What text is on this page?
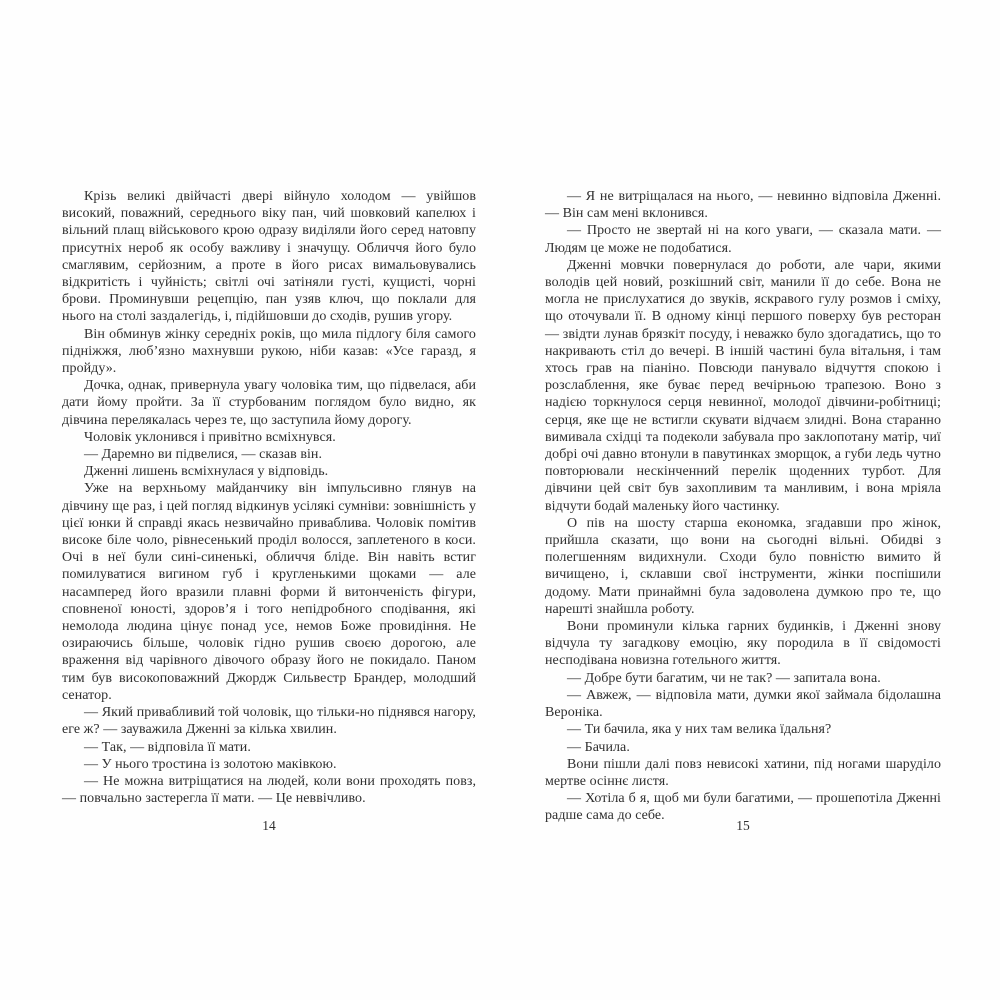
Крізь великі двійчасті двері війнуло холодом — увійшов високий, поважний, середнього віку пан, чий шовковий капелюх і вільний плащ військового крою одразу виділяли його серед натовпу присутніх нероб як особу важливу і значущу. Обличчя його було смаглявим, серйозним, а проте в його рисах вимальовувались відкритість і чуйність; світлі очі затіняли густі, кущисті, чорні брови. Проминувши рецепцію, пан узяв ключ, що поклали для нього на столі заздалегідь, і, підійшовши до сходів, рушив угору.
Він обминув жінку середніх років, що мила підлогу біля самого підніжжя, люб’язно махнувши рукою, ніби казав: «Усе гаразд, я пройду».
Дочка, однак, привернула увагу чоловіка тим, що підвелася, аби дати йому пройти. За її стурбованим поглядом було видно, як дівчина перелякалась через те, що заступила йому дорогу.
Чоловік уклонився і привітно всміхнувся.
— Даремно ви підвелися, — сказав він.
Дженні лишень всміхнулася у відповідь.
Уже на верхньому майданчику він імпульсивно глянув на дівчину ще раз, і цей погляд відкинув усілякі сумніви: зовнішність у цієї юнки й справді якась незвичайно приваблива. Чоловік помітив високе біле чоло, рівнесенький проділ волосся, заплетеного в коси. Очі в неї були сині-синенькі, обличчя бліде. Він навіть встиг помилуватися вигином губ і кругленькими щоками — але насамперед його вразили плавні форми й витонченість фігури, сповненої юності, здоров’я і того непідробного сподівання, які немолода людина цінує понад усе, немов Боже провидіння. Не озираючись більше, чоловік гідно рушив своєю дорогою, але враження від чарівного дівочого образу його не покидало. Паном тим був високоповажний Джордж Сильвестр Брандер, молодший сенатор.
— Який привабливий той чоловік, що тільки-но піднявся нагору, еге ж? — зауважила Дженні за кілька хвилин.
— Так, — відповіла її мати.
— У нього тростина із золотою маківкою.
— Не можна витріщатися на людей, коли вони проходять повз, — повчально застерегла її мати. — Це неввічливо.
— Я не витріщалася на нього, — невинно відповіла Дженні. — Він сам мені вклонився.
— Просто не звертай ні на кого уваги, — сказала мати. — Людям це може не подобатися.
Дженні мовчки повернулася до роботи, але чари, якими володів цей новий, розкішний світ, манили її до себе. Вона не могла не прислухатися до звуків, яскравого гулу розмов і сміху, що оточували її. В одному кінці першого поверху був ресторан — звідти лунав брязкіт посуду, і неважко було здогадатись, що то накривають стіл до вечері. В іншій частині була вітальня, і там хтось грав на піаніно. Повсюди панувало відчуття спокою і розслаблення, яке буває перед вечірньою трапезою. Воно з надією торкнулося серця невинної, молодої дівчини-робітниці; серця, яке ще не встигли скувати відчаєм злидні. Вона старанно вимивала східці та подеколи забувала про заклопотану матір, чиї добрі очі давно втонули в павутинках зморщок, а губи ледь чутно повторювали нескінченний перелік щоденних турбот. Для дівчини цей світ був захопливим та манливим, і вона мріяла відчути бодай маленьку його частинку.
О пів на шосту старша економка, згадавши про жінок, прийшла сказати, що вони на сьогодні вільні. Обидві з полегшенням видихнули. Сходи було повністю вимито й вичищено, і, склавши свої інструменти, жінки поспішили додому. Мати принаймні була задоволена думкою про те, що нарешті знайшла роботу.
Вони проминули кілька гарних будинків, і Дженні знову відчула ту загадкову емоцію, яку породила в її свідомості несподівана новизна готельного життя.
— Добре бути багатим, чи не так? — запитала вона.
— Авжеж, — відповіла мати, думки якої займала бідолашна Вероніка.
— Ти бачила, яка у них там велика їдальня?
— Бачила.
Вони пішли далі повз невисокі хатини, під ногами шаруділо мертве осіннє листя.
— Хотіла б я, щоб ми були багатими, — прошепотіла Дженні радше сама до себе.
14	15
